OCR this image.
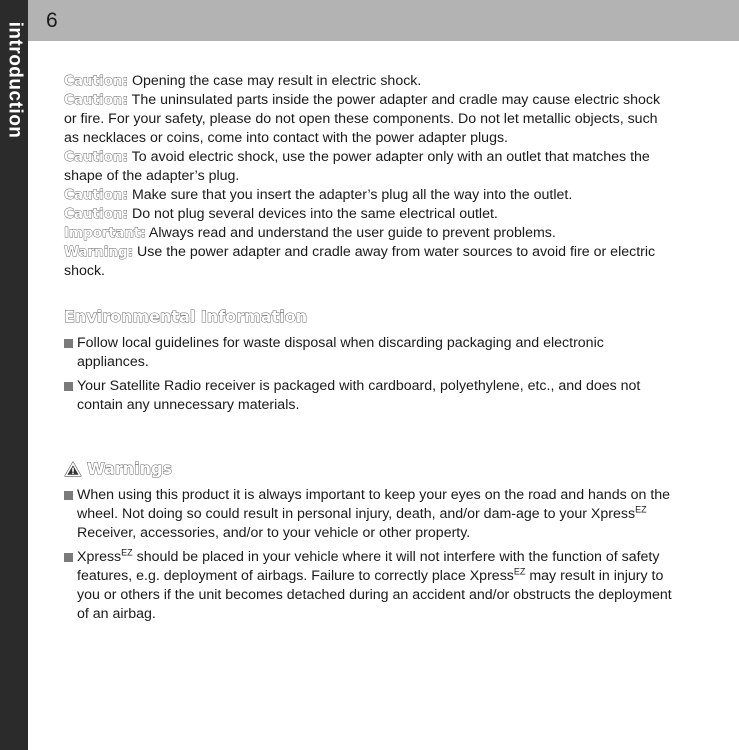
introduction
6

Caution: Opening the case may result in electric shock.

Caution: The uninsulated parts inside the power adapter and cradle may cause electric shock or fire. For your safety, please do not open these components. Do not let metallic objects, such as necklaces or coins, come into contact with the power adapter plugs.

Caution: To avoid electric shock, use the power adapter only with an outlet that matches the shape of the adapter’s plug.

Caution: Make sure that you insert the adapter’s plug all the way into the outlet.

Caution: Do not plug several devices into the same electrical outlet.

Important: Always read and understand the user guide to prevent problems.

Warning: Use the power adapter and cradle away from water sources to avoid fire or electric shock.

Environmental Information
Follow local guidelines for waste disposal when discarding packaging and electronic appliances.
Your Satellite Radio receiver is packaged with cardboard, polyethylene, etc., and does not contain any unnecessary materials.
Warnings
When using this product it is always important to keep your eyes on the road and hands on the wheel. Not doing so could result in personal injury, death, and/or dam-age to your Xpress$^{EZ}$ Receiver, accessories, and/or to your vehicle or other property.
Xpress$^{EZ}$ should be placed in your vehicle where it will not interfere with the function of safety features, e.g. deployment of airbags. Failure to correctly place Xpress$^{EZ}$ may result in injury to you or others if the unit becomes detached during an accident and/or obstructs the deployment of an airbag.
